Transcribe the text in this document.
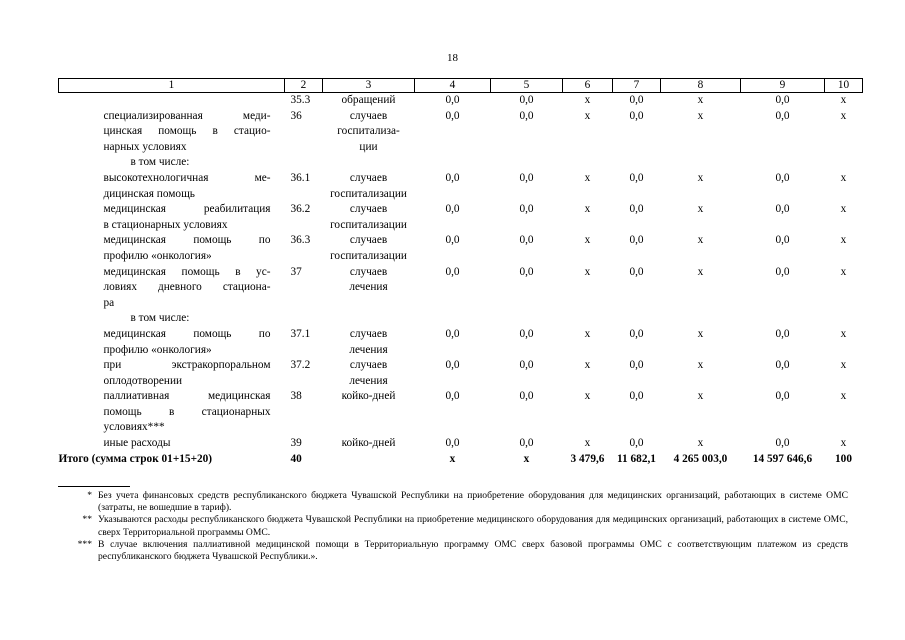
18
1	2	3	4	5	6	7	8	9	10
	35.3	обращений	0,0	0,0	х	0,0	х	0,0	х

специализированная меди-
цинская помощь в стацио-
нарных условиях	36	случаев
госпитализа-
ции	0,0	0,0	х	0,0	х	0,0	х
в том числе:									

высокотехнологичная ме-
дицинская помощь	36.1	случаев
госпитализации	0,0	0,0	х	0,0	х	0,0	х

медицинская реабилитация
в стационарных условиях	36.2	случаев
госпитализации	0,0	0,0	х	0,0	х	0,0	х

медицинская помощь по
профилю «онкология»	36.3	случаев
госпитализации	0,0	0,0	х	0,0	х	0,0	х

медицинская помощь в ус-
ловиях дневного стациона-
ра	37	случаев
лечения	0,0	0,0	х	0,0	х	0,0	х
в том числе:									

медицинская помощь по
профилю «онкология»	37.1	случаев
лечения	0,0	0,0	х	0,0	х	0,0	х

при экстракорпоральном
оплодотворении	37.2	случаев
лечения	0,0	0,0	х	0,0	х	0,0	х

паллиативная медицинская
помощь в стационарных
условиях***	38	койко-дней	0,0	0,0	х	0,0	х	0,0	х

иные расходы	39	койко-дней	0,0	0,0	х	0,0	х	0,0	х
Итого (сумма строк 01+15+20)	40		х	х	3 479,6	11 682,1	4 265 003,0	14 597 646,6	100
* Без учета финансовых средств республиканского бюджета Чувашской Республики на приобретение оборудования для медицинских организаций, работающих в системе ОМС (затраты, не вошедшие в тариф).
** Указываются расходы республиканского бюджета Чувашской Республики на приобретение медицинского оборудования для медицинских организаций, работающих в системе ОМС, сверх Территориальной программы ОМС.
*** В случае включения паллиативной медицинской помощи в Территориальную программу ОМС сверх базовой программы ОМС с соответствующим платежом из средств республиканского бюджета Чувашской Республики.».
